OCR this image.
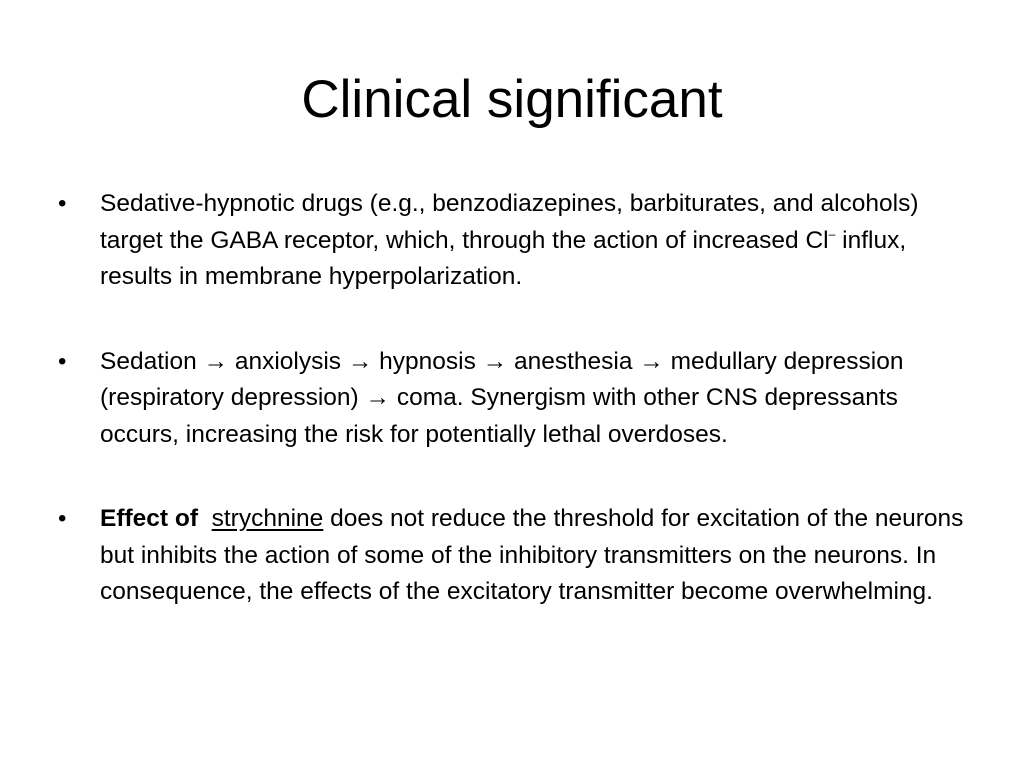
Clinical significant
•	Sedative-hypnotic drugs (e.g., benzodiazepines, barbiturates, and alcohols) target the GABA receptor, which, through the action of increased Cl– influx, results in membrane hyperpolarization.
•	Sedation → anxiolysis → hypnosis → anesthesia → medullary depression (respiratory depression) → coma. Synergism with other CNS depressants occurs, increasing the risk for potentially lethal overdoses.
•	Effect of strychnine does not reduce the threshold for excitation of the neurons but inhibits the action of some of the inhibitory transmitters on the neurons. In consequence, the effects of the excitatory transmitter become overwhelming.
